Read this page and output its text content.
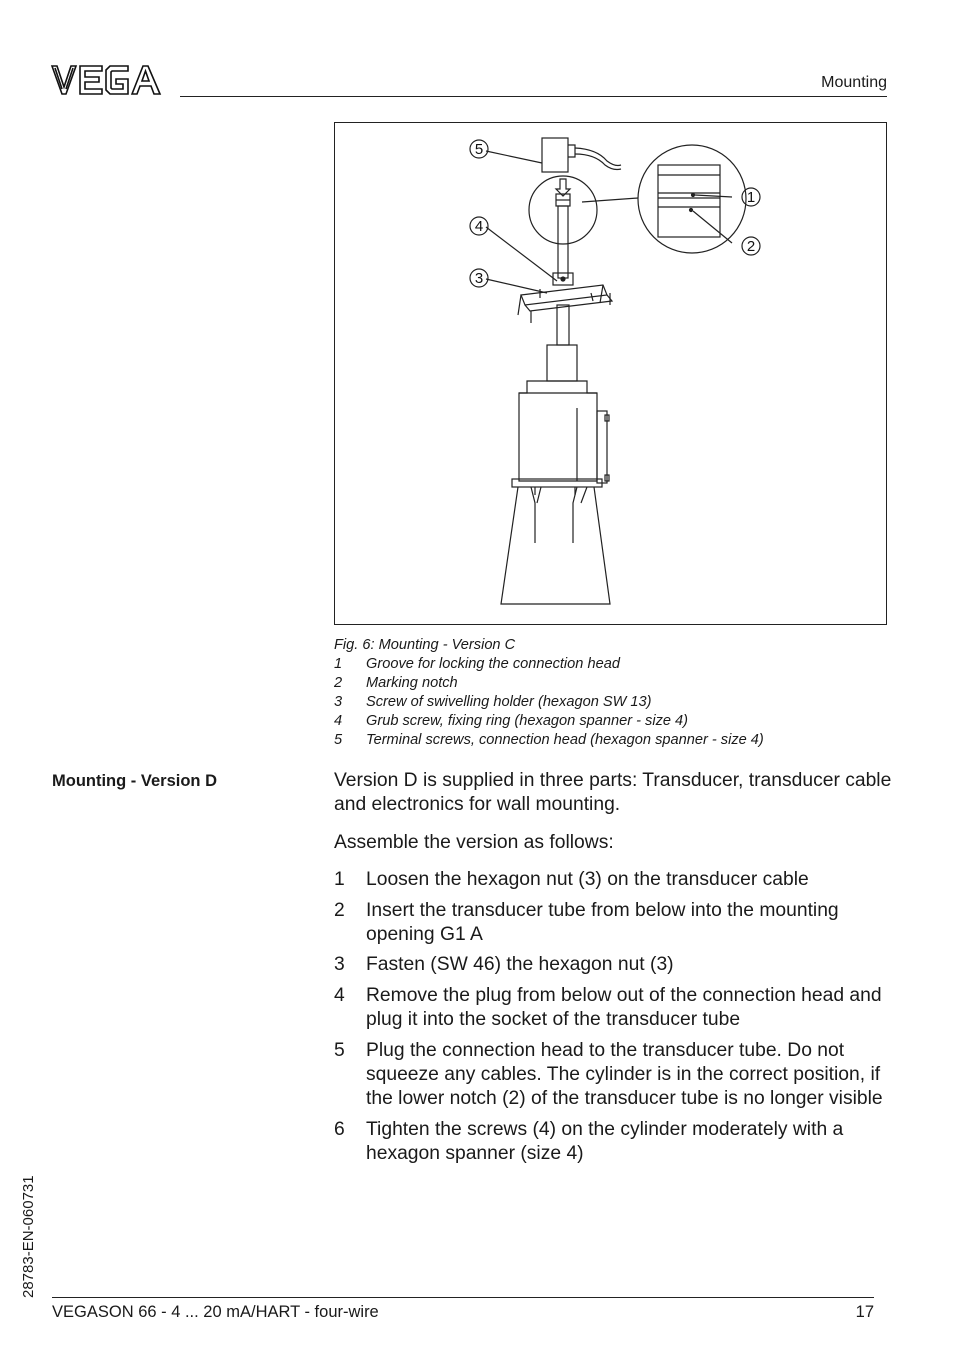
VEGA
Mounting
5
4
3
1
2
Fig. 6: Mounting - Version C
1	Groove for locking the connection head
2	Marking notch
3	Screw of swivelling holder (hexagon SW 13)
4	Grub screw, fixing ring (hexagon spanner - size 4)
5	Terminal screws, connection head (hexagon spanner - size 4)
Mounting - Version D	Version D is supplied in three parts: Transducer, transducer cable and electronics for wall mounting.

Assemble the version as follows:

1	Loosen the hexagon nut (3) on the transducer cable
2	Insert the transducer tube from below into the mounting opening G1 A
3	Fasten (SW 46) the hexagon nut (3)
4	Remove the plug from below out of the connection head and plug it into the socket of the transducer tube
5	Plug the connection head to the transducer tube. Do not squeeze any cables. The cylinder is in the correct position, if the lower notch (2) of the transducer tube is no longer visible
6	Tighten the screws (4) on the cylinder moderately with a hexagon spanner (size 4)
28783-EN-060731
VEGASON 66 - 4 ... 20 mA/HART - four-wire	17
